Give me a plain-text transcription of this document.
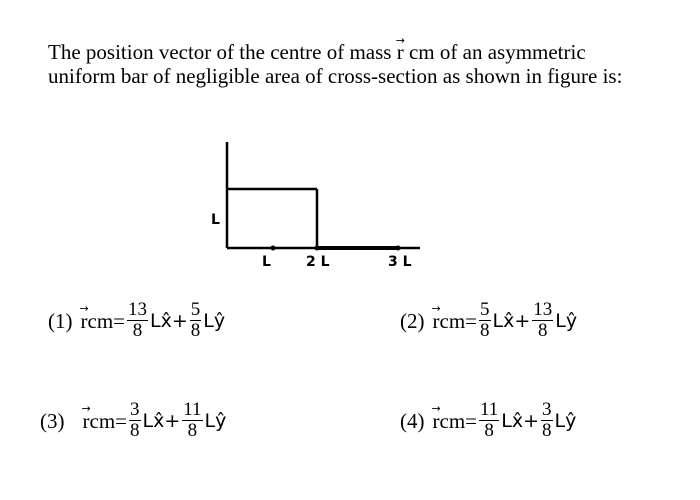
The position vector of the centre of mass → r cm of an asymmetric uniform bar of negligible area of cross-section as shown in figure is:
L
L	2 L	3 L
(1)
→ $rcm= \frac{13}{8}$ Lx̂+ $\frac{5}{8}$ Lŷ	(2)
→ $rcm= \frac{5}{8}$ Lx̂+ $\frac{13}{8}$ Lŷ
(3)
→ $rcm= \frac{3}{8}$ Lx̂+ $\frac{11}{8}$ Lŷ	(4)
→ $rcm= \frac{11}{8}$ Lx̂+ $\frac{3}{8}$ Lŷ
